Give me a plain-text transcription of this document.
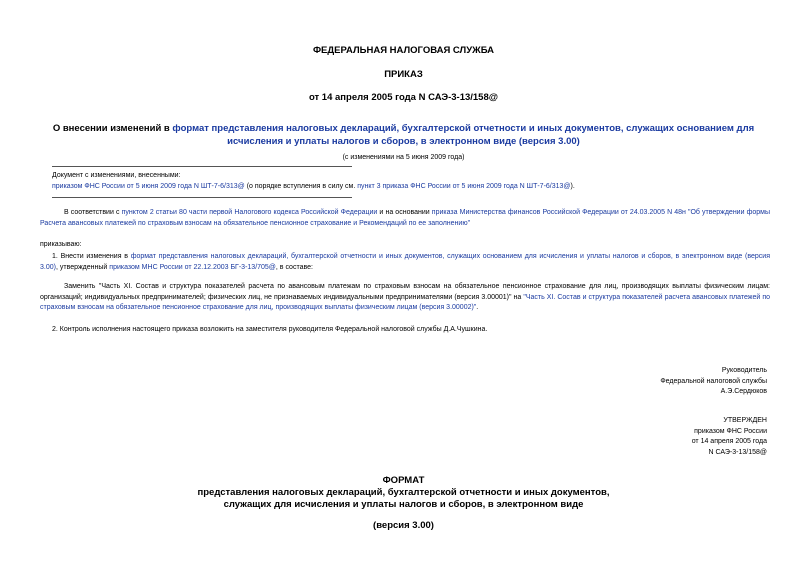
ФЕДЕРАЛЬНАЯ НАЛОГОВАЯ СЛУЖБА
ПРИКАЗ
от 14 апреля 2005 года N САЭ-3-13/158@
О внесении изменений в формат представления налоговых деклараций, бухгалтерской отчетности и иных документов, служащих основанием для исчисления и уплаты налогов и сборов, в электронном виде (версия 3.00)
(с изменениями на 5 июня 2009 года)
Документ с изменениями, внесенными:
приказом ФНС России от 5 июня 2009 года N ШТ-7-6/313@ (о порядке вступления в силу см. пункт 3 приказа ФНС России от 5 июня 2009 года N ШТ-7-6/313@).
В соответствии с пунктом 2 статьи 80 части первой Налогового кодекса Российской Федерации и на основании приказа Министерства финансов Российской Федерации от 24.03.2005 N 48н "Об утверждении формы Расчета авансовых платежей по страховым взносам на обязательное пенсионное страхование и Рекомендаций по ее заполнению"
приказываю:
1. Внести изменения в формат представления налоговых деклараций, бухгалтерской отчетности и иных документов, служащих основанием для исчисления и уплаты налогов и сборов, в электронном виде (версия 3.00), утвержденный приказом МНС России от 22.12.2003 БГ-3-13/705@, в составе:
Заменить "Часть XI. Состав и структура показателей расчета по авансовым платежам по страховым взносам на обязательное пенсионное страхование для лиц, производящих выплаты физическим лицам: организаций; индивидуальных предпринимателей; физических лиц, не признаваемых индивидуальными предпринимателями (версия 3.00001)" на "Часть XI. Состав и структура показателей расчета авансовых платежей по страховым взносам на обязательное пенсионное страхование для лиц, производящих выплаты физическим лицам (версия 3.00002)".
2. Контроль исполнения настоящего приказа возложить на заместителя руководителя Федеральной налоговой службы Д.А.Чушкина.
Руководитель
Федеральной налоговой службы
А.Э.Сердюков
УТВЕРЖДЕН
приказом ФНС России
от 14 апреля 2005 года
N САЭ-3-13/158@
ФОРМАТ
представления налоговых деклараций, бухгалтерской отчетности и иных документов,
служащих для исчисления и уплаты налогов и сборов, в электронном виде
(версия 3.00)
